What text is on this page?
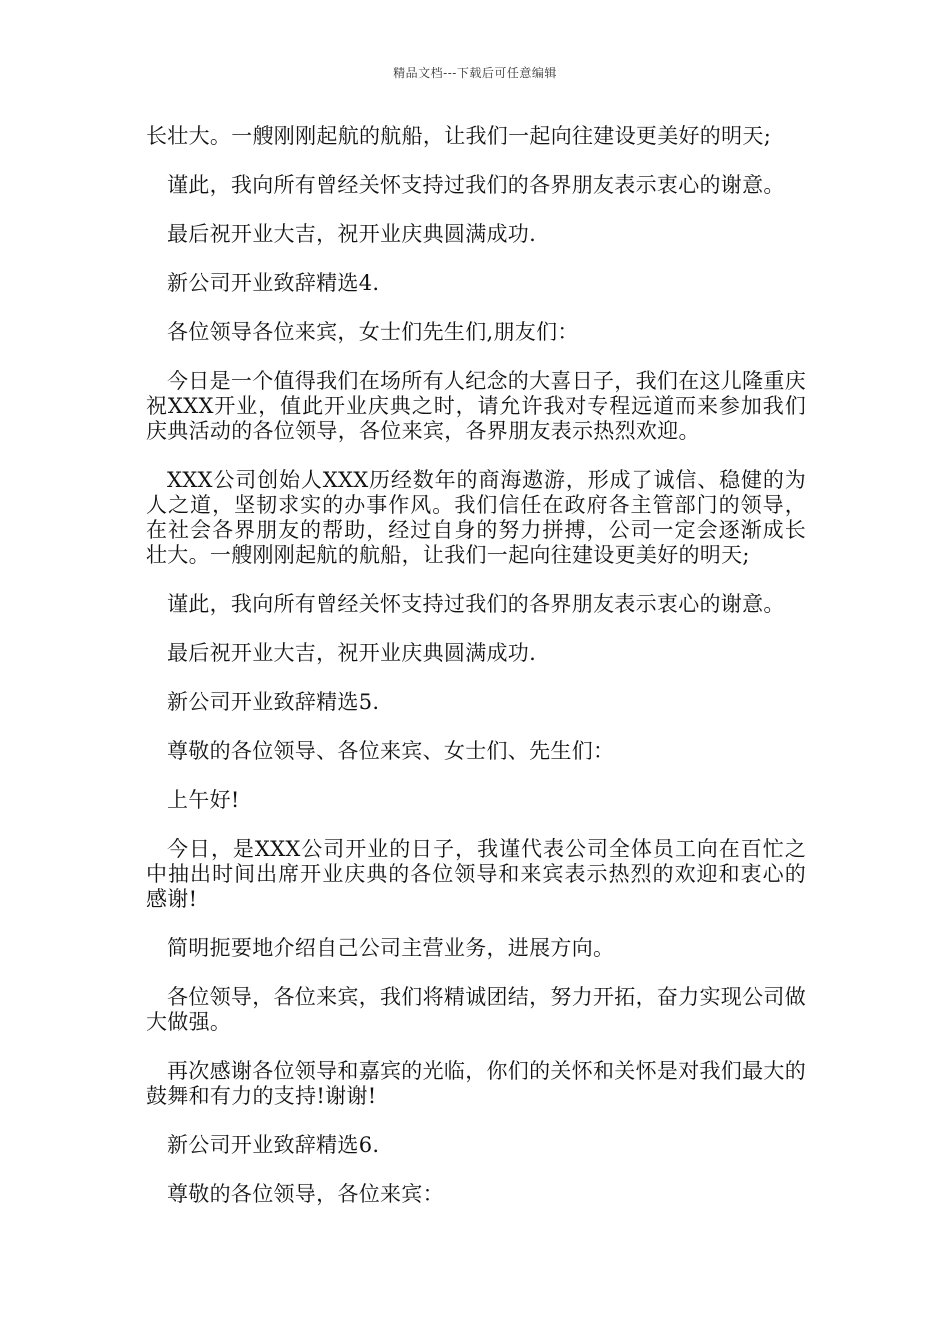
精品文档---下载后可任意编辑

长壮大。一艘刚刚起航的航船，让我们一起向往建设更美好的明天;

谨此，我向所有曾经关怀支持过我们的各界朋友表示衷心的谢意。

最后祝开业大吉，祝开业庆典圆满成功.

新公司开业致辞精选4.

各位领导各位来宾，女士们先生们,朋友们：

今日是一个值得我们在场所有人纪念的大喜日子，我们在这儿隆重庆祝XXX开业，值此开业庆典之时，请允许我对专程远道而来参加我们庆典活动的各位领导，各位来宾，各界朋友表示热烈欢迎。

XXX公司创始人XXX历经数年的商海遨游，形成了诚信、稳健的为人之道，坚韧求实的办事作风。我们信任在政府各主管部门的领导，在社会各界朋友的帮助，经过自身的努力拼搏，公司一定会逐渐成长壮大。一艘刚刚起航的航船，让我们一起向往建设更美好的明天;

谨此，我向所有曾经关怀支持过我们的各界朋友表示衷心的谢意。

最后祝开业大吉，祝开业庆典圆满成功.

新公司开业致辞精选5.

尊敬的各位领导、各位来宾、女士们、先生们：

上午好!

今日，是XXX公司开业的日子，我谨代表公司全体员工向在百忙之中抽出时间出席开业庆典的各位领导和来宾表示热烈的欢迎和衷心的感谢!

简明扼要地介绍自己公司主营业务，进展方向。

各位领导，各位来宾，我们将精诚团结，努力开拓，奋力实现公司做大做强。

再次感谢各位领导和嘉宾的光临，你们的关怀和关怀是对我们最大的鼓舞和有力的支持!谢谢!

新公司开业致辞精选6.

尊敬的各位领导，各位来宾：
